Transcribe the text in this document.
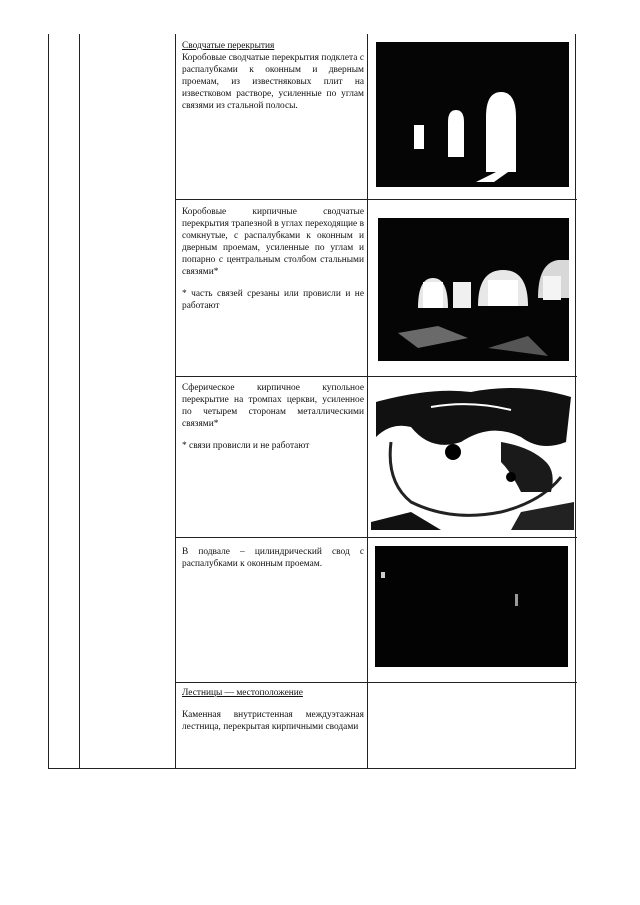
Сводчатые перекрытия
Коробовые сводчатые перекрытия подклета с распалубками к оконным и дверным проемам, из известняковых плит на известковом растворе, усиленные по углам связями из стальной полосы.
Коробовые кирпичные сводчатые перекрытия трапезной в углах переходящие в сомкнутые, с распалубками к оконным и дверным проемам, усиленные по углам и попарно с центральным столбом стальными связями*
* часть связей срезаны или провисли и не работают
Сферическое кирпичное купольное перекрытие на тромпах церкви, усиленное по четырем сторонам металлическими связями*
* связи провисли и не работают
В подвале – цилиндрический свод с распалубками к оконным проемам.
Лестницы — местоположение
Каменная внутристенная междуэтажная лестница, перекрытая кирпичными сводами
